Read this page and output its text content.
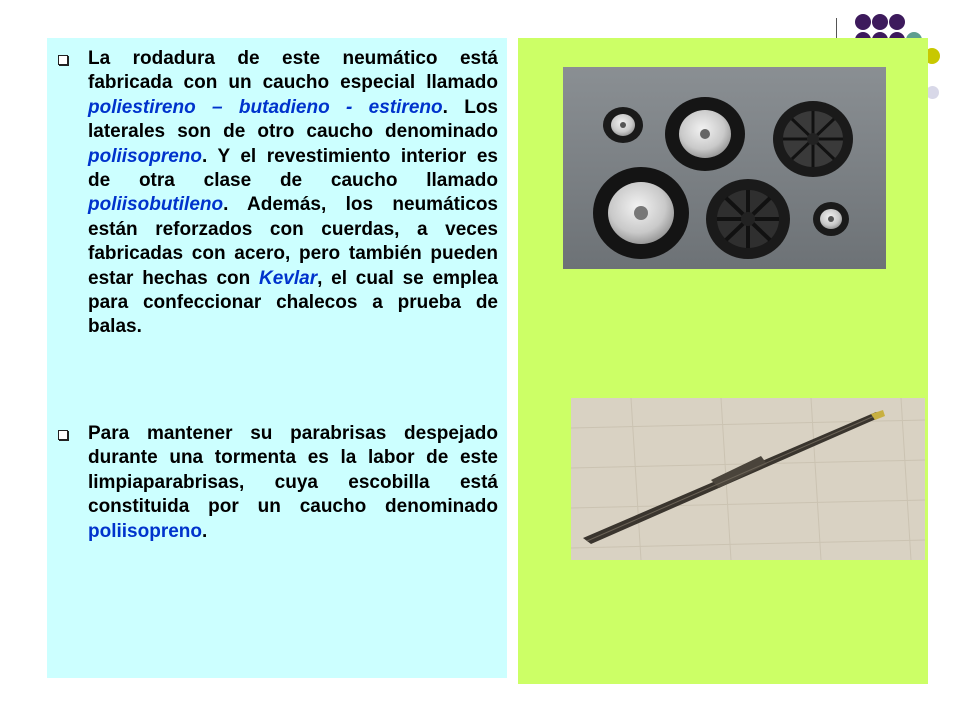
La rodadura de este neumático está fabricada con un caucho especial llamado poliestireno – butadieno - estireno. Los laterales son de otro caucho denominado poliisopreno. Y el revestimiento interior es de otra clase de caucho llamado poliisobutileno. Además, los neumáticos están reforzados con cuerdas, a veces fabricadas con acero, pero también pueden estar hechas con Kevlar, el cual se emplea para confeccionar chalecos a prueba de balas.

Para mantener su parabrisas despejado durante una tormenta es la labor de este limpiaparabrisas, cuya escobilla está constituida por un caucho denominado poliisopreno.
